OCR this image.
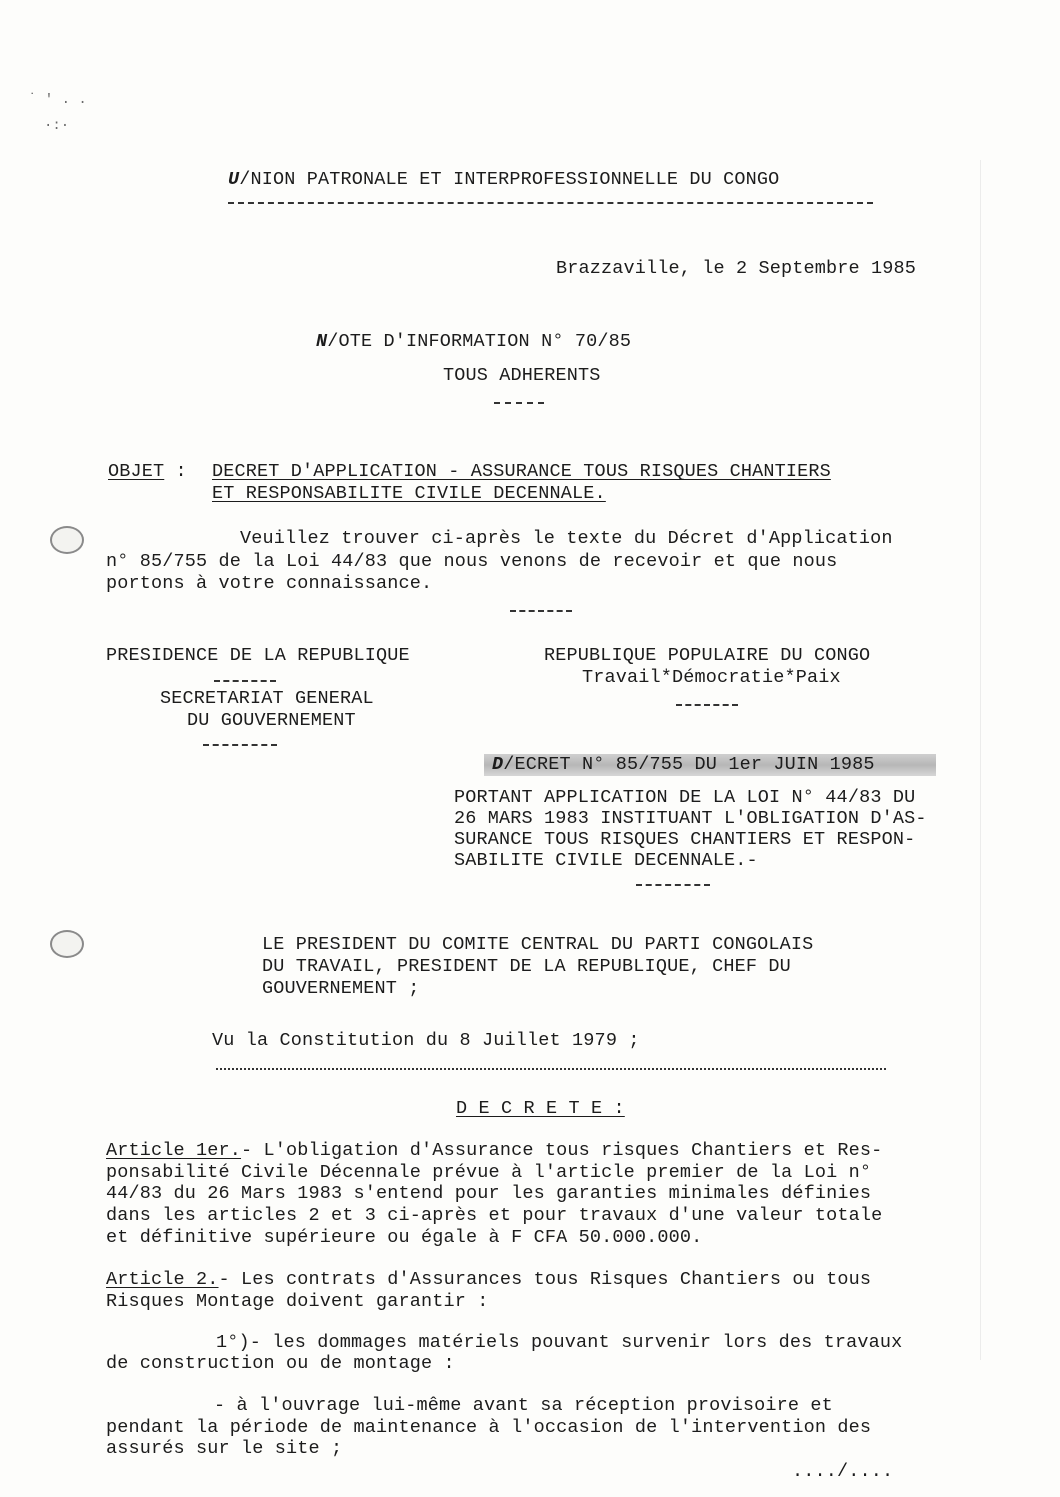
˙ ′ . .
·:·
U/NION PATRONALE ET INTERPROFESSIONNELLE DU CONGO
Brazzaville, le 2 Septembre 1985
N/OTE D'INFORMATION N° 70/85
TOUS ADHERENTS
OBJET : DECRET D'APPLICATION - ASSURANCE TOUS RISQUES CHANTIERS
ET RESPONSABILITE CIVILE DECENNALE.
Veuillez trouver ci-après le texte du Décret d'Application
n° 85/755 de la Loi 44/83 que nous venons de recevoir et que nous
portons à votre connaissance.
PRESIDENCE DE LA REPUBLIQUE
SECRETARIAT GENERAL
DU GOUVERNEMENT
REPUBLIQUE POPULAIRE DU CONGO
Travail*Démocratie*Paix
D/ECRET N° 85/755 DU 1er JUIN 1985
PORTANT APPLICATION DE LA LOI N° 44/83 DU
26 MARS 1983 INSTITUANT L'OBLIGATION D'AS-
SURANCE TOUS RISQUES CHANTIERS ET RESPON-
SABILITE CIVILE DECENNALE.-
LE PRESIDENT DU COMITE CENTRAL DU PARTI CONGOLAIS
DU TRAVAIL, PRESIDENT DE LA REPUBLIQUE, CHEF DU
GOUVERNEMENT ;
Vu la Constitution du 8 Juillet 1979 ;
D E C R E T E :
Article 1er.- L'obligation d'Assurance tous risques Chantiers et Res-
ponsabilité Civile Décennale prévue à l'article premier de la Loi n°
44/83 du 26 Mars 1983 s'entend pour les garanties minimales définies
dans les articles 2 et 3 ci-après et pour travaux d'une valeur totale
et définitive supérieure ou égale à F CFA 50.000.000.
Article 2.- Les contrats d'Assurances tous Risques Chantiers ou tous
Risques Montage doivent garantir :
1°)- les dommages matériels pouvant survenir lors des travaux
de construction ou de montage :
- à l'ouvrage lui-même avant sa réception provisoire et
pendant la période de maintenance à l'occasion de l'intervention des
assurés sur le site ;
..../....
